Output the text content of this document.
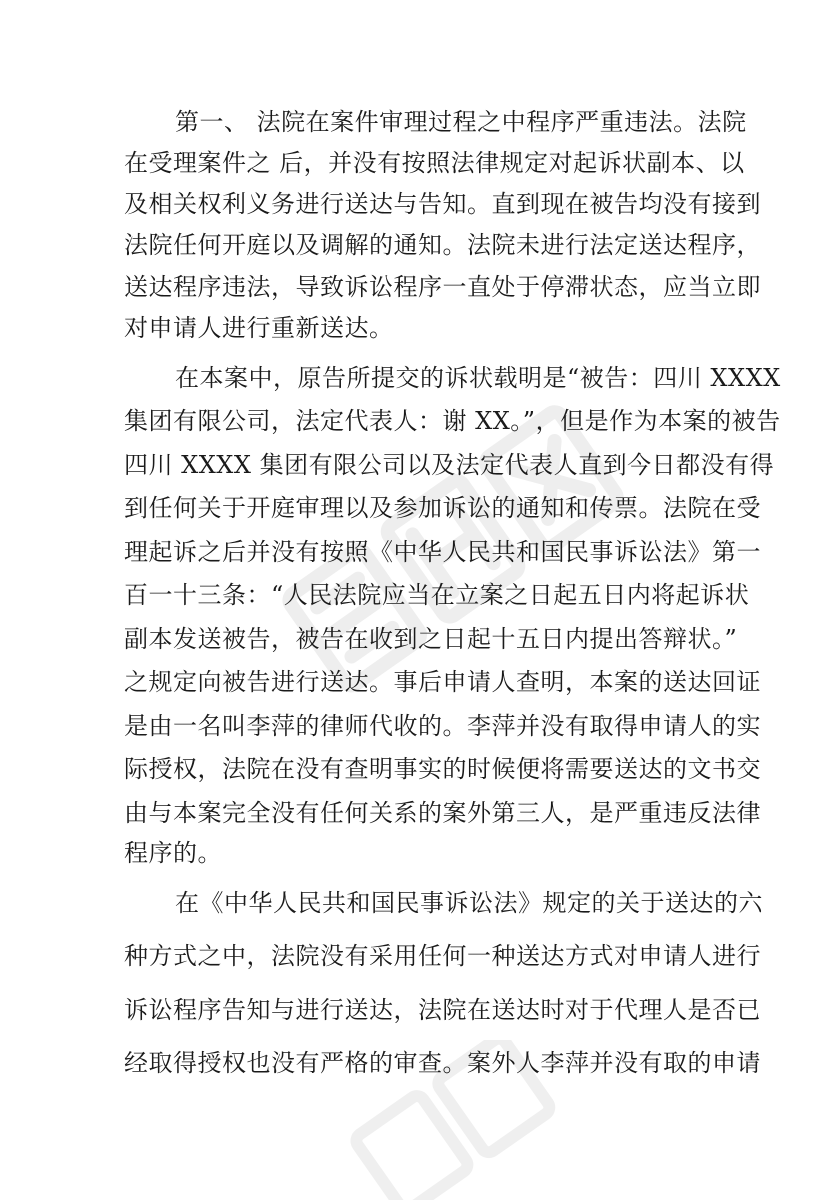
第一、 法院在案件审理过程之中程序严重违法。法院
在受理案件之 后，并没有按照法律规定对起诉状副本、以
及相关权利义务进行送达与告知。直到现在被告均没有接到
法院任何开庭以及调解的通知。法院未进行法定送达程序，
送达程序违法，导致诉讼程序一直处于停滞状态，应当立即
对申请人进行重新送达。
在本案中，原告所提交的诉状载明是“被告：四川 XXXX
集团有限公司，法定代表人：谢 XX。”，但是作为本案的被告
四川 XXXX 集团有限公司以及法定代表人直到今日都没有得
到任何关于开庭审理以及参加诉讼的通知和传票。法院在受
理起诉之后并没有按照《中华人民共和国民事诉讼法》第一
百一十三条：“人民法院应当在立案之日起五日内将起诉状
副本发送被告，被告在收到之日起十五日内提出答辩状。”
之规定向被告进行送达。事后申请人查明，本案的送达回证
是由一名叫李萍的律师代收的。李萍并没有取得申请人的实
际授权，法院在没有查明事实的时候便将需要送达的文书交
由与本案完全没有任何关系的案外第三人，是严重违反法律
程序的。
在《中华人民共和国民事诉讼法》规定的关于送达的六
种方式之中，法院没有采用任何一种送达方式对申请人进行
诉讼程序告知与进行送达，法院在送达时对于代理人是否已
经取得授权也没有严格的审查。案外人李萍并没有取的申请
